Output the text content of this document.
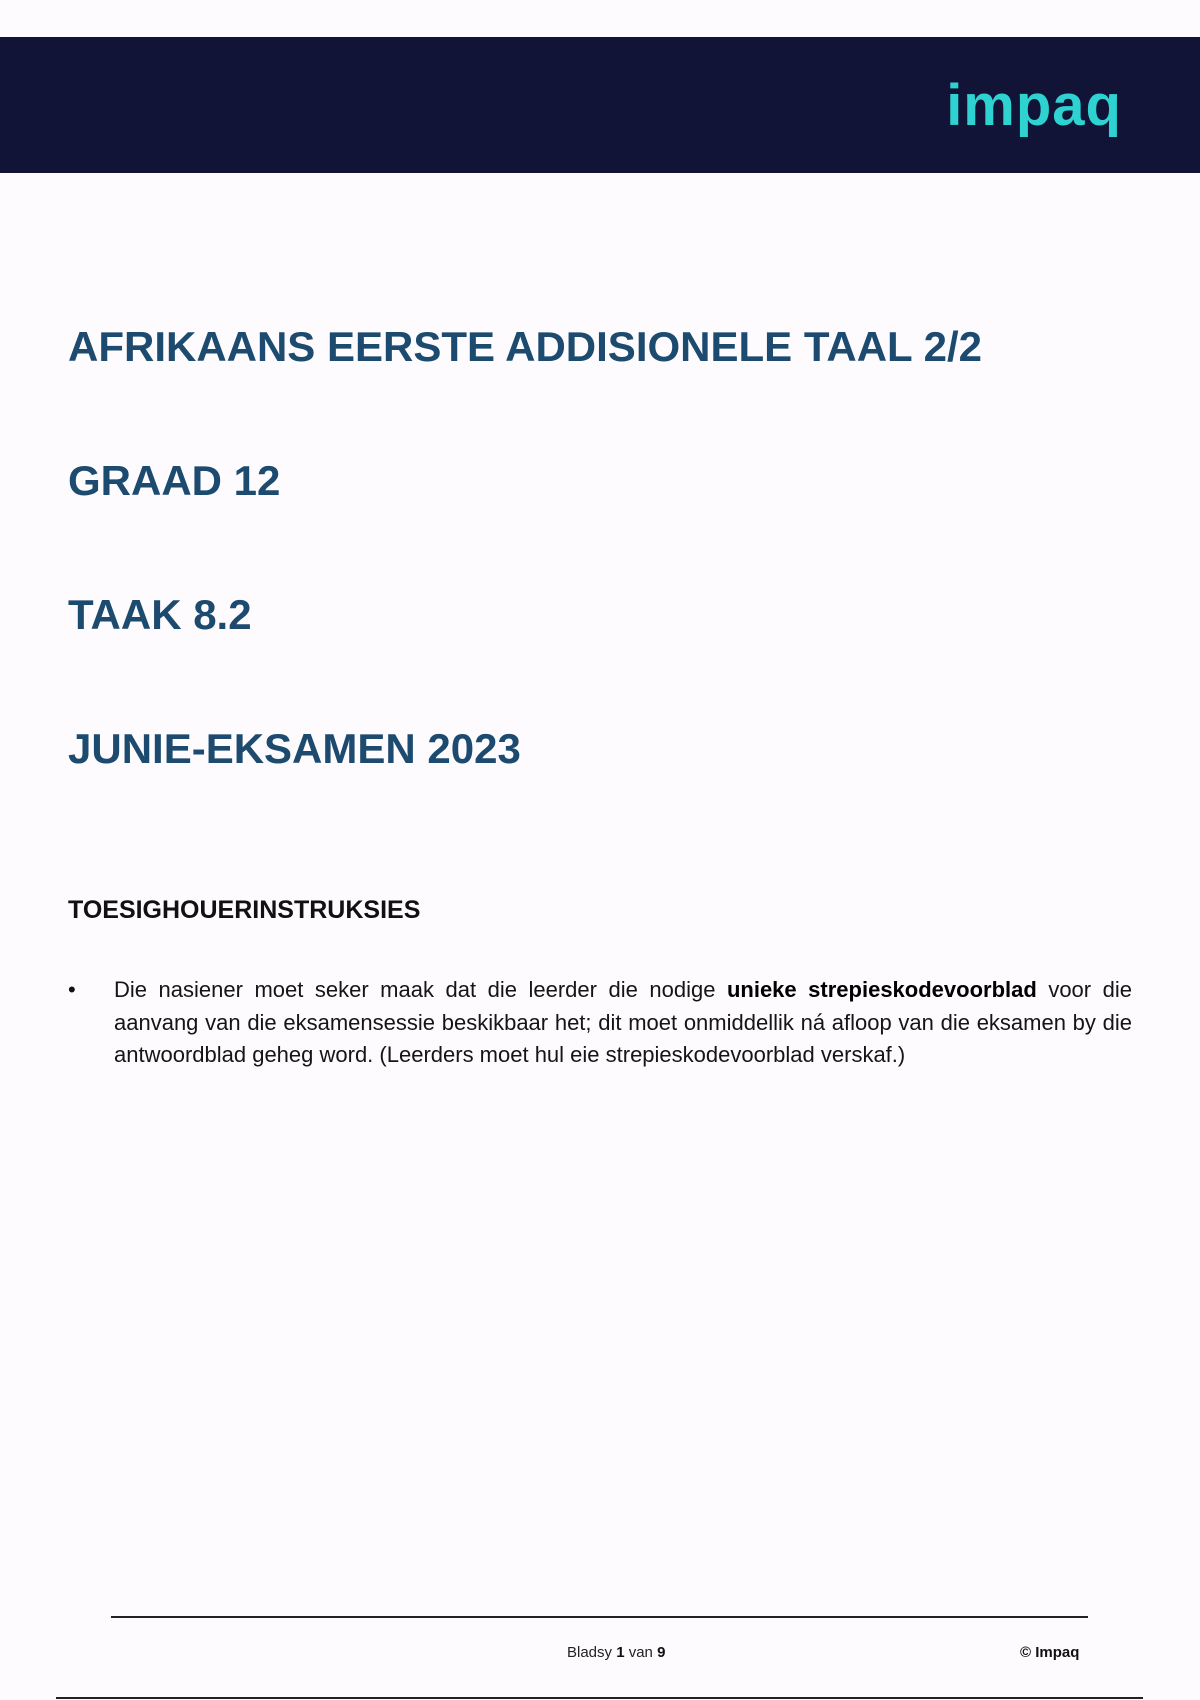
impaq
AFRIKAANS EERSTE ADDISIONELE TAAL 2/2
GRAAD 12
TAAK 8.2
JUNIE-EKSAMEN 2023
TOESIGHOUERINSTRUKSIES
•	Die nasiener moet seker maak dat die leerder die nodige unieke strepieskodevoorblad voor die aanvang van die eksamensessie beskikbaar het; dit moet onmiddellik ná afloop van die eksamen by die antwoordblad geheg word. (Leerders moet hul eie strepieskodevoorblad verskaf.)
Bladsy 1 van 9	© Impaq
